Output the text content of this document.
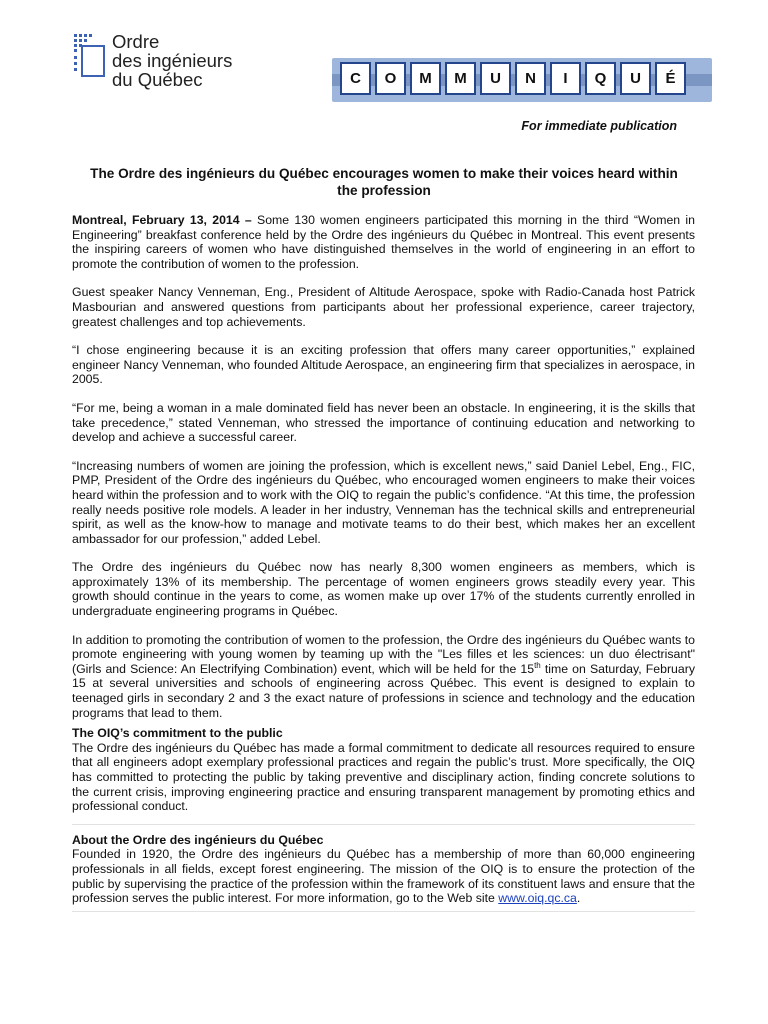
Ordre
des ingénieurs
du Québec	C	O	M	M	U	N	I	Q	U	É
For immediate publication
The Ordre des ingénieurs du Québec encourages women to make their voices heard within the profession

Montreal, February 13, 2014 – Some 130 women engineers participated this morning in the third “Women in Engineering” breakfast conference held by the Ordre des ingénieurs du Québec in Montreal. This event presents the inspiring careers of women who have distinguished themselves in the world of engineering in an effort to promote the contribution of women to the profession.

Guest speaker Nancy Venneman, Eng., President of Altitude Aerospace, spoke with Radio-Canada host Patrick Masbourian and answered questions from participants about her professional experience, career trajectory, greatest challenges and top achievements.

“I chose engineering because it is an exciting profession that offers many career opportunities,” explained engineer Nancy Venneman, who founded Altitude Aerospace, an engineering firm that specializes in aerospace, in 2005.

“For me, being a woman in a male dominated field has never been an obstacle. In engineering, it is the skills that take precedence,” stated Venneman, who stressed the importance of continuing education and networking to develop and achieve a successful career.

“Increasing numbers of women are joining the profession, which is excellent news,” said Daniel Lebel, Eng., FIC, PMP, President of the Ordre des ingénieurs du Québec, who encouraged women engineers to make their voices heard within the profession and to work with the OIQ to regain the public’s confidence. “At this time, the profession really needs positive role models. A leader in her industry, Venneman has the technical skills and entrepreneurial spirit, as well as the know-how to manage and motivate teams to do their best, which makes her an excellent ambassador for our profession,” added Lebel.

The Ordre des ingénieurs du Québec now has nearly 8,300 women engineers as members, which is approximately 13% of its membership. The percentage of women engineers grows steadily every year. This growth should continue in the years to come, as women make up over 17% of the students currently enrolled in undergraduate engineering programs in Québec.

In addition to promoting the contribution of women to the profession, the Ordre des ingénieurs du Québec wants to promote engineering with young women by teaming up with the "Les filles et les sciences: un duo électrisant" (Girls and Science: An Electrifying Combination) event, which will be held for the 15th time on Saturday, February 15 at several universities and schools of engineering across Québec. This event is designed to explain to teenaged girls in secondary 2 and 3 the exact nature of professions in science and technology and the education programs that lead to them.

The OIQ’s commitment to the public

The Ordre des ingénieurs du Québec has made a formal commitment to dedicate all resources required to ensure that all engineers adopt exemplary professional practices and regain the public’s trust. More specifically, the OIQ has committed to protecting the public by taking preventive and disciplinary action, finding concrete solutions to the current crisis, improving engineering practice and ensuring transparent management by promoting ethics and professional conduct.

About the Ordre des ingénieurs du Québec

Founded in 1920, the Ordre des ingénieurs du Québec has a membership of more than 60,000 engineering professionals in all fields, except forest engineering. The mission of the OIQ is to ensure the protection of the public by supervising the practice of the profession within the framework of its constituent laws and ensure that the profession serves the public interest. For more information, go to the Web site www.oiq.qc.ca.
